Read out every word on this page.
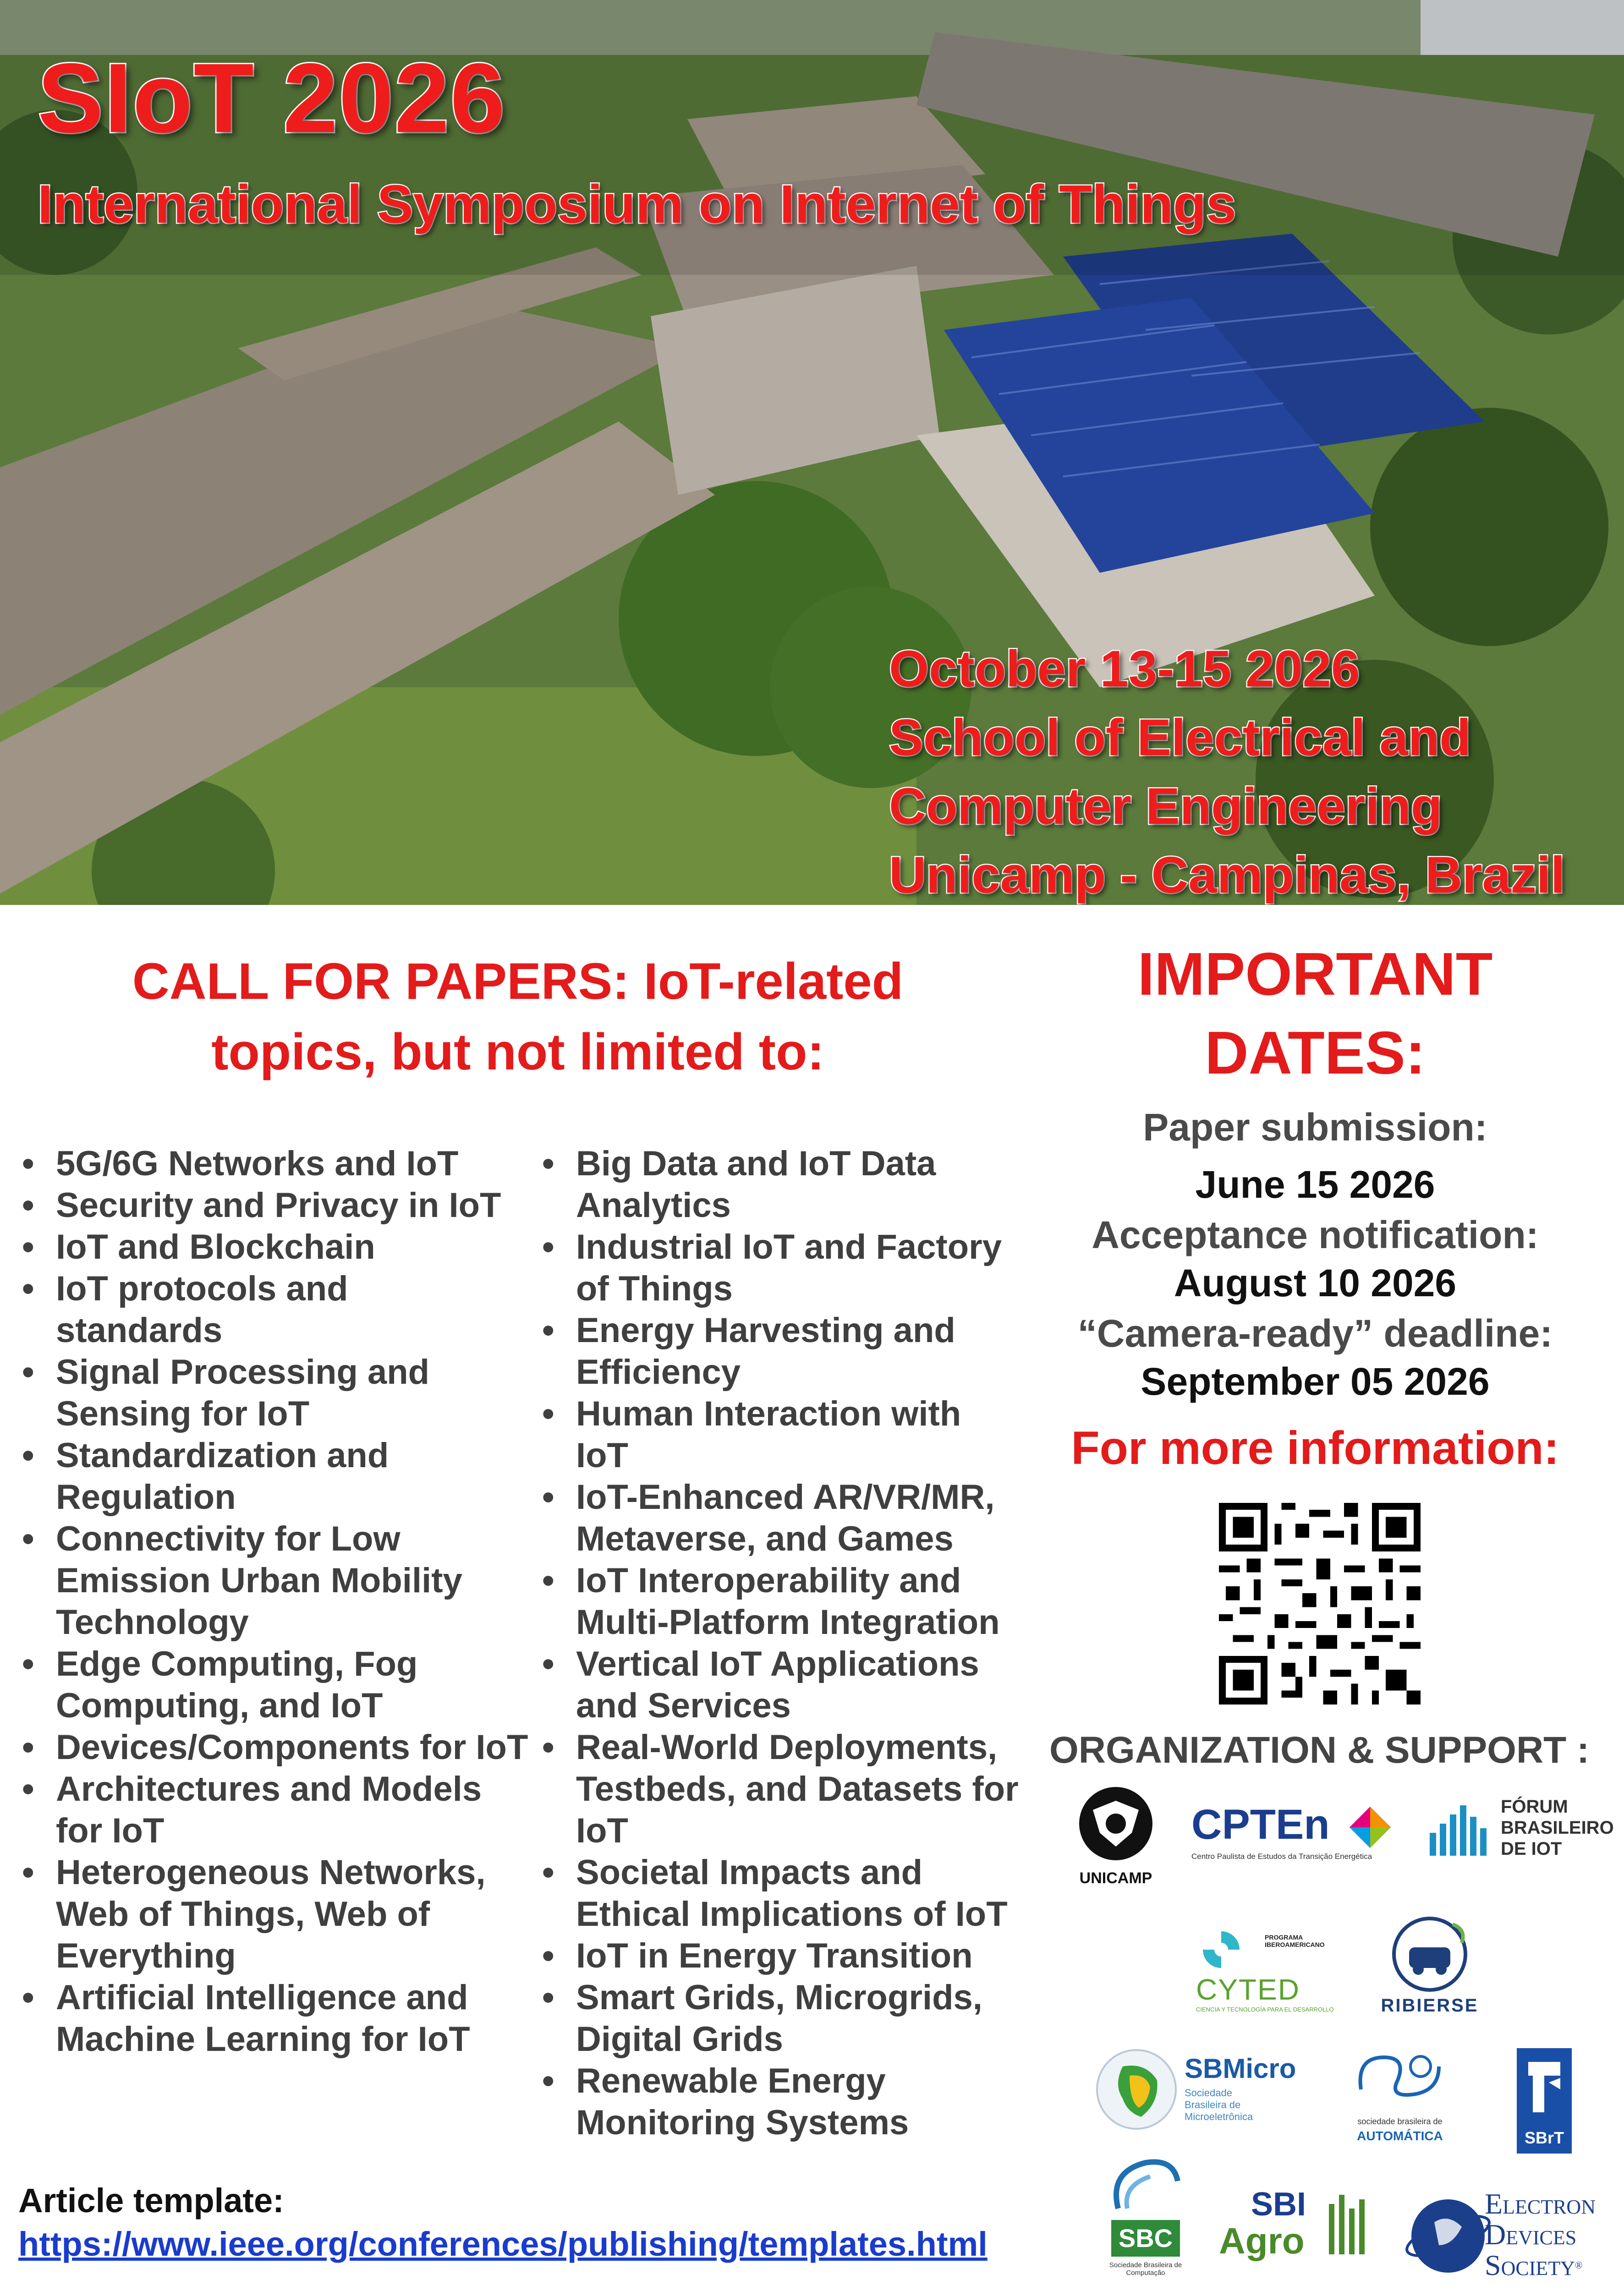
SIoT 2026
International Symposium on Internet of Things
October 13-15 2026
School of Electrical and
Computer Engineering
Unicamp - Campinas, Brazil
CALL FOR PAPERS: IoT-related
topics, but not limited to:
• 5G/6G Networks and IoT
• Security and Privacy in IoT
• IoT and Blockchain
• IoT protocols and standards
• Signal Processing and Sensing for IoT
• Standardization and Regulation
• Connectivity for Low Emission Urban Mobility Technology
• Edge Computing, Fog Computing, and IoT
• Devices/Components for IoT
• Architectures and Models for IoT
• Heterogeneous Networks, Web of Things, Web of Everything
• Artificial Intelligence and Machine Learning for IoT
• Big Data and IoT Data Analytics
• Industrial IoT and Factory of Things
• Energy Harvesting and Efficiency
• Human Interaction with IoT
• IoT-Enhanced AR/VR/MR, Metaverse, and Games
• IoT Interoperability and Multi-Platform Integration
• Vertical IoT Applications and Services
• Real-World Deployments, Testbeds, and Datasets for IoT
• Societal Impacts and Ethical Implications of IoT
• IoT in Energy Transition
• Smart Grids, Microgrids, Digital Grids
• Renewable Energy Monitoring Systems
IMPORTANT
DATES:
Paper submission:
June 15 2026
Acceptance notification:
August 10 2026
“Camera-ready” deadline:
September 05 2026
For more information:
ORGANIZATION & SUPPORT :
UNICAMP
CPTEn
Centro Paulista de Estudos da Transição Energética
FÓRUM
BRASILEIRO
DE IOT
PROGRAMA IBEROAMERICANO
CYTED
CIENCIA Y TECNOLOGÍA PARA EL DESARROLLO	RIBIERSE
SBMicro
Sociedade
Brasileira de
Microeletrônica	sociedade brasileira de
AUTOMÁTICA	SBrT
SBC
Sociedade Brasileira de Computação
SBI
Agro
ELECTRON
DEVICES
SOCIETY®
Article template:
https://www.ieee.org/conferences/publishing/templates.html
